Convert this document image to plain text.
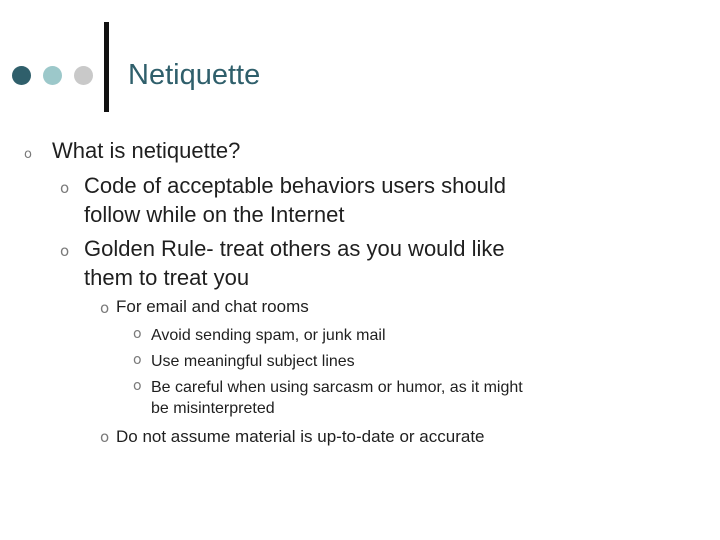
Netiquette
o What is netiquette?
o Code of acceptable behaviors users should
follow while on the Internet
o Golden Rule- treat others as you would like
them to treat you
o For email and chat rooms
o Avoid sending spam, or junk mail
o Use meaningful subject lines
o Be careful when using sarcasm or humor, as it might
be misinterpreted
o Do not assume material is up-to-date or accurate
